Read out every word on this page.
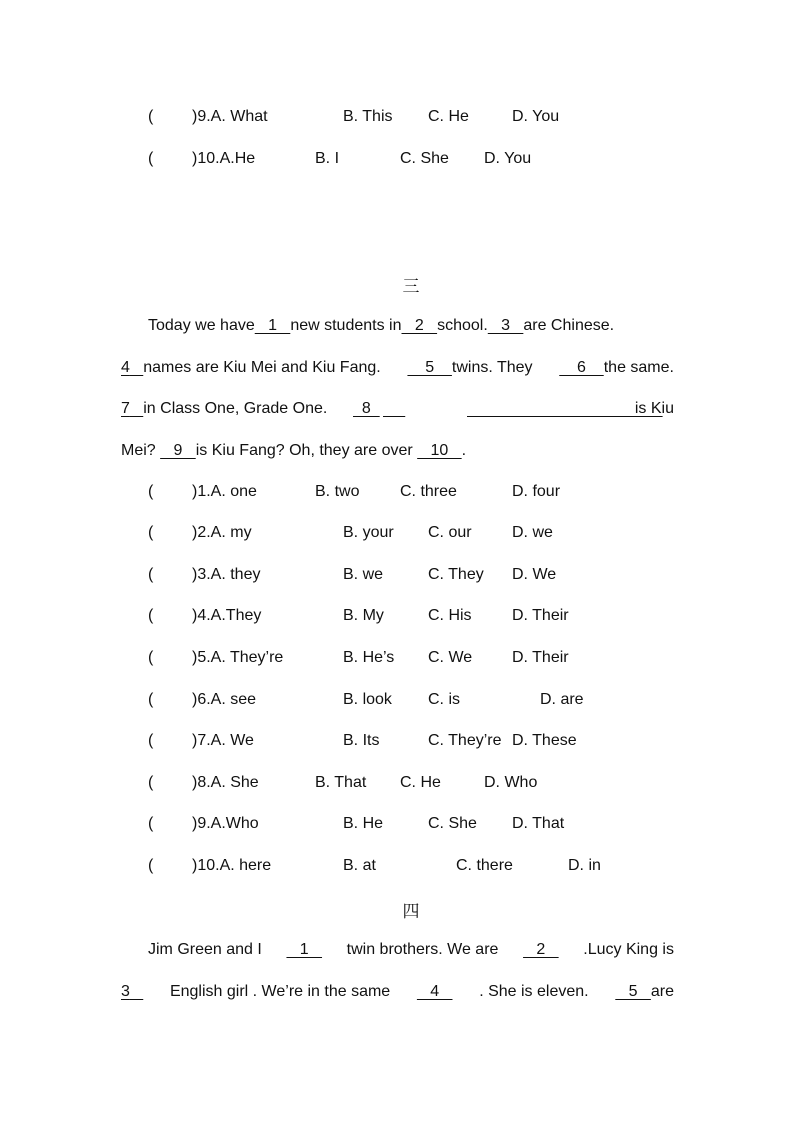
( )9.A. What	B. This C. He	D. You
( )10.A.He	B. I	C. She D. You
三
Today we have   1   new students in   2   school.   3   are Chinese.
4 names are Kiu Mei and Kiu Fang. 5    twins. They 6    the same.
7 in Class One, Grade One. 8

	is Kiu
Mei?    9   is Kiu Fang? Oh, they are over    10   .
( )1.A. one	B. two	C. three	D. four
( )2.A. my	B. your C. our	D. we
( )3.A. they	B. we	C. They D. We
( )4.A.They	B. My	C. His	D. Their
( )5.A. They’re	B. He’s C. We D. Their
( )6.A. see	B. look C. is	D. are
( )7.A. We	B. Its	C. They’re D. These
( )8.A. She	B. That C. He	D. Who
( )9.A.Who	B. He	C. She D. That
( )10.A. here	B. at	C. there	D. in
四
Jim Green and I 1 twin brothers. We are 2 .Lucy King is
3	English girl . We’re in the same 4 . She is eleven. 5   are
